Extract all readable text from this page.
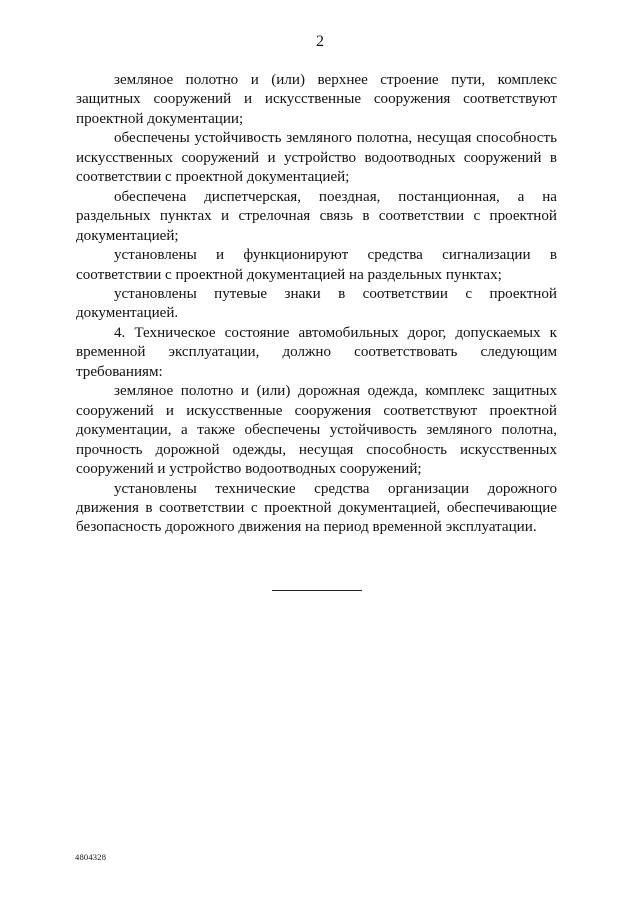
2

земляное полотно и (или) верхнее строение пути, комплекс защитных сооружений и искусственные сооружения соответствуют проектной документации;

обеспечены устойчивость земляного полотна, несущая способность искусственных сооружений и устройство водоотводных сооружений в соответствии с проектной документацией;

обеспечена диспетчерская, поездная, постанционная, а на раздельных пунктах и стрелочная связь в соответствии с проектной документацией;

установлены и функционируют средства сигнализации в соответствии с проектной документацией на раздельных пунктах;

установлены путевые знаки в соответствии с проектной документацией.

4. Техническое состояние автомобильных дорог, допускаемых к временной эксплуатации, должно соответствовать следующим требованиям:

земляное полотно и (или) дорожная одежда, комплекс защитных сооружений и искусственные сооружения соответствуют проектной документации, а также обеспечены устойчивость земляного полотна, прочность дорожной одежды, несущая способность искусственных сооружений и устройство водоотводных сооружений;

установлены технические средства организации дорожного движения в соответствии с проектной документацией, обеспечивающие безопасность дорожного движения на период временной эксплуатации.

4804328
